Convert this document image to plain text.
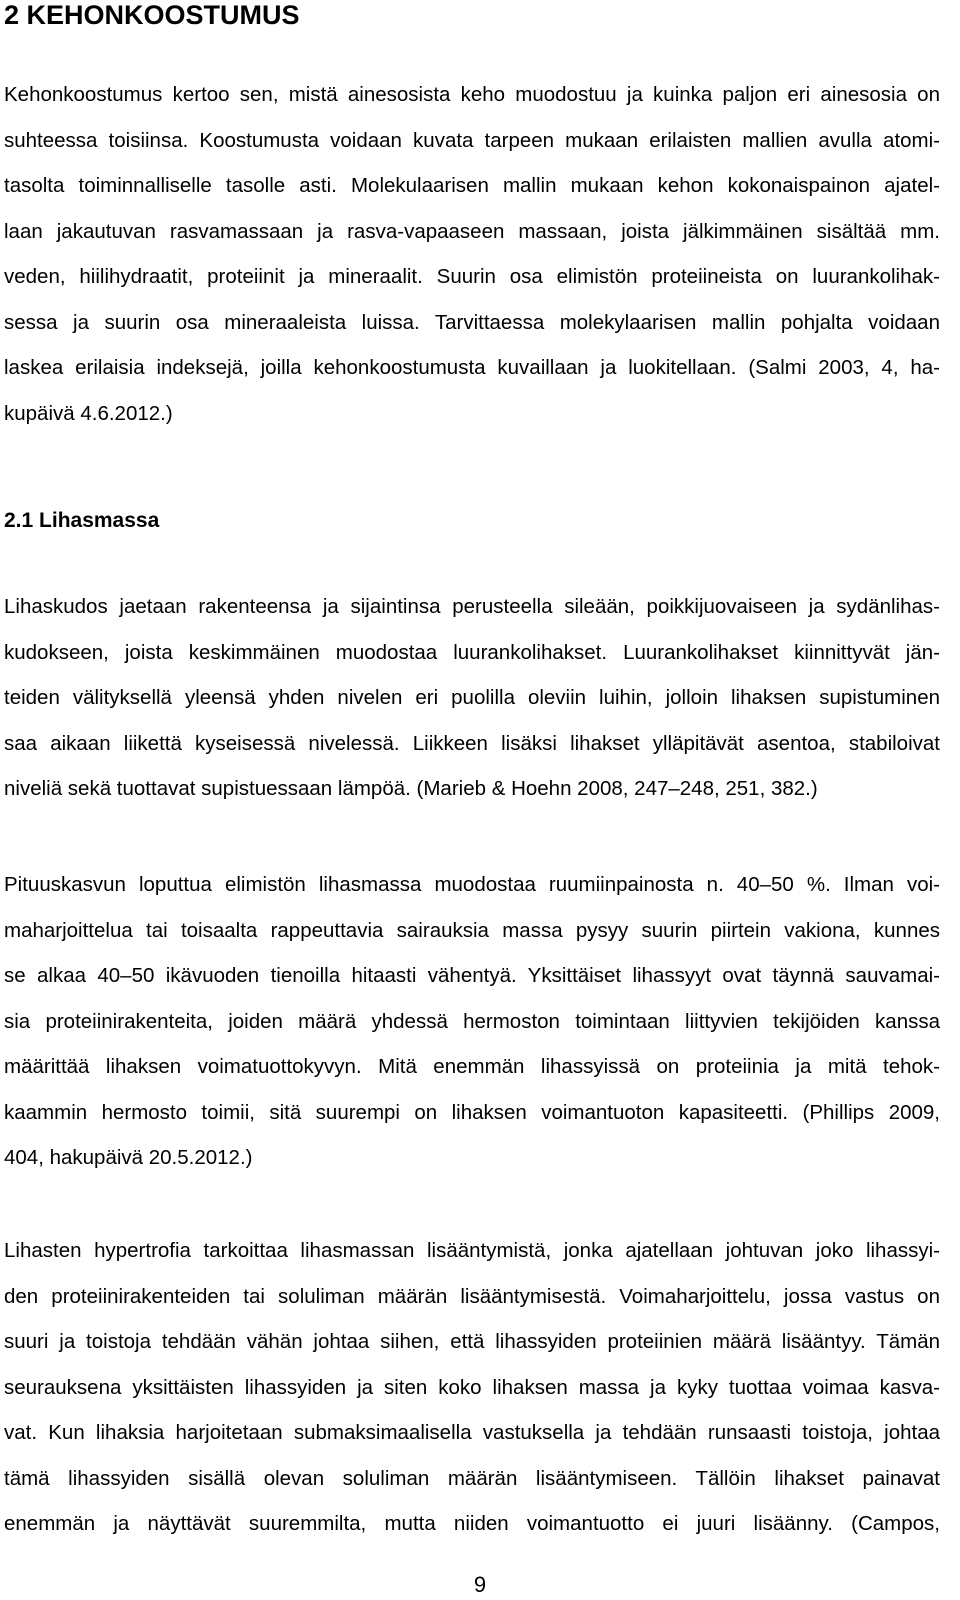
2 KEHONKOOSTUMUS
Kehonkoostumus kertoo sen, mistä ainesosista keho muodostuu ja kuinka paljon eri ainesosia on
suhteessa toisiinsa. Koostumusta voidaan kuvata tarpeen mukaan erilaisten mallien avulla atomi-
tasolta toiminnalliselle tasolle asti. Molekulaarisen mallin mukaan kehon kokonaispainon ajatel-
laan jakautuvan rasvamassaan ja rasva-vapaaseen massaan, joista jälkimmäinen sisältää mm.
veden, hiilihydraatit, proteiinit ja mineraalit. Suurin osa elimistön proteiineista on luurankolihak-
sessa ja suurin osa mineraaleista luissa. Tarvittaessa molekylaarisen mallin pohjalta voidaan
laskea erilaisia indeksejä, joilla kehonkoostumusta kuvaillaan ja luokitellaan. (Salmi 2003, 4, ha-
kupäivä 4.6.2012.)
2.1 Lihasmassa
Lihaskudos jaetaan rakenteensa ja sijaintinsa perusteella sileään, poikkijuovaiseen ja sydänlihas-
kudokseen, joista keskimmäinen muodostaa luurankolihakset. Luurankolihakset kiinnittyvät jän-
teiden välityksellä yleensä yhden nivelen eri puolilla oleviin luihin, jolloin lihaksen supistuminen
saa aikaan liikettä kyseisessä nivelessä. Liikkeen lisäksi lihakset ylläpitävät asentoa, stabiloivat
niveliä sekä tuottavat supistuessaan lämpöä. (Marieb & Hoehn 2008, 247–248, 251, 382.)
Pituuskasvun loputtua elimistön lihasmassa muodostaa ruumiinpainosta n. 40–50 %. Ilman voi-
maharjoittelua tai toisaalta rappeuttavia sairauksia massa pysyy suurin piirtein vakiona, kunnes
se alkaa 40–50 ikävuoden tienoilla hitaasti vähentyä. Yksittäiset lihassyyt ovat täynnä sauvamai-
sia proteiinirakenteita, joiden määrä yhdessä hermoston toimintaan liittyvien tekijöiden kanssa
määrittää lihaksen voimatuottokyvyn. Mitä enemmän lihassyissä on proteiinia ja mitä tehok-
kaammin hermosto toimii, sitä suurempi on lihaksen voimantuoton kapasiteetti. (Phillips 2009,
404, hakupäivä 20.5.2012.)
Lihasten hypertrofia tarkoittaa lihasmassan lisääntymistä, jonka ajatellaan johtuvan joko lihassyi-
den proteiinirakenteiden tai soluliman määrän lisääntymisestä. Voimaharjoittelu, jossa vastus on
suuri ja toistoja tehdään vähän johtaa siihen, että lihassyiden proteiinien määrä lisääntyy. Tämän
seurauksena yksittäisten lihassyiden ja siten koko lihaksen massa ja kyky tuottaa voimaa kasva-
vat. Kun lihaksia harjoitetaan submaksimaalisella vastuksella ja tehdään runsaasti toistoja, johtaa
tämä lihassyiden sisällä olevan soluliman määrän lisääntymiseen. Tällöin lihakset painavat
enemmän ja näyttävät suuremmilta, mutta niiden voimantuotto ei juuri lisäänny. (Campos,
9
